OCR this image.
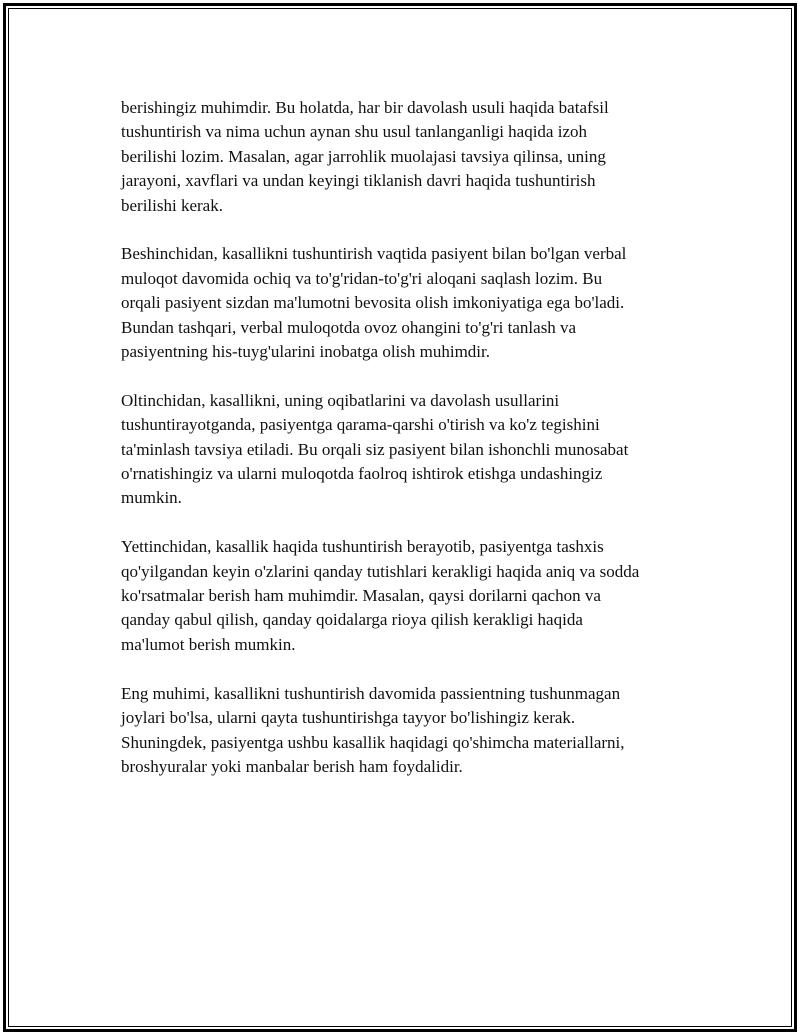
berishingiz muhimdir. Bu holatda, har bir davolash usuli haqida batafsil
tushuntirish va nima uchun aynan shu usul tanlanganligi haqida izoh
berilishi lozim. Masalan, agar jarrohlik muolajasi tavsiya qilinsa, uning
jarayoni, xavflari va undan keyingi tiklanish davri haqida tushuntirish
berilishi kerak.

Beshinchidan, kasallikni tushuntirish vaqtida pasiyent bilan bo'lgan verbal
muloqot davomida ochiq va to'g'ridan-to'g'ri aloqani saqlash lozim. Bu
orqali pasiyent sizdan ma'lumotni bevosita olish imkoniyatiga ega bo'ladi.
Bundan tashqari, verbal muloqotda ovoz ohangini to'g'ri tanlash va
pasiyentning his-tuyg'ularini inobatga olish muhimdir.

Oltinchidan, kasallikni, uning oqibatlarini va davolash usullarini
tushuntirayotganda, pasiyentga qarama-qarshi o'tirish va ko'z tegishini
ta'minlash tavsiya etiladi. Bu orqali siz pasiyent bilan ishonchli munosabat
o'rnatishingiz va ularni muloqotda faolroq ishtirok etishga undashingiz
mumkin.

Yettinchidan, kasallik haqida tushuntirish berayotib, pasiyentga tashxis
qo'yilgandan keyin o'zlarini qanday tutishlari kerakligi haqida aniq va sodda
ko'rsatmalar berish ham muhimdir. Masalan, qaysi dorilarni qachon va
qanday qabul qilish, qanday qoidalarga rioya qilish kerakligi haqida
ma'lumot berish mumkin.

Eng muhimi, kasallikni tushuntirish davomida passientning tushunmagan
joylari bo'lsa, ularni qayta tushuntirishga tayyor bo'lishingiz kerak.
Shuningdek, pasiyentga ushbu kasallik haqidagi qo'shimcha materiallarni,
broshyuralar yoki manbalar berish ham foydalidir.
